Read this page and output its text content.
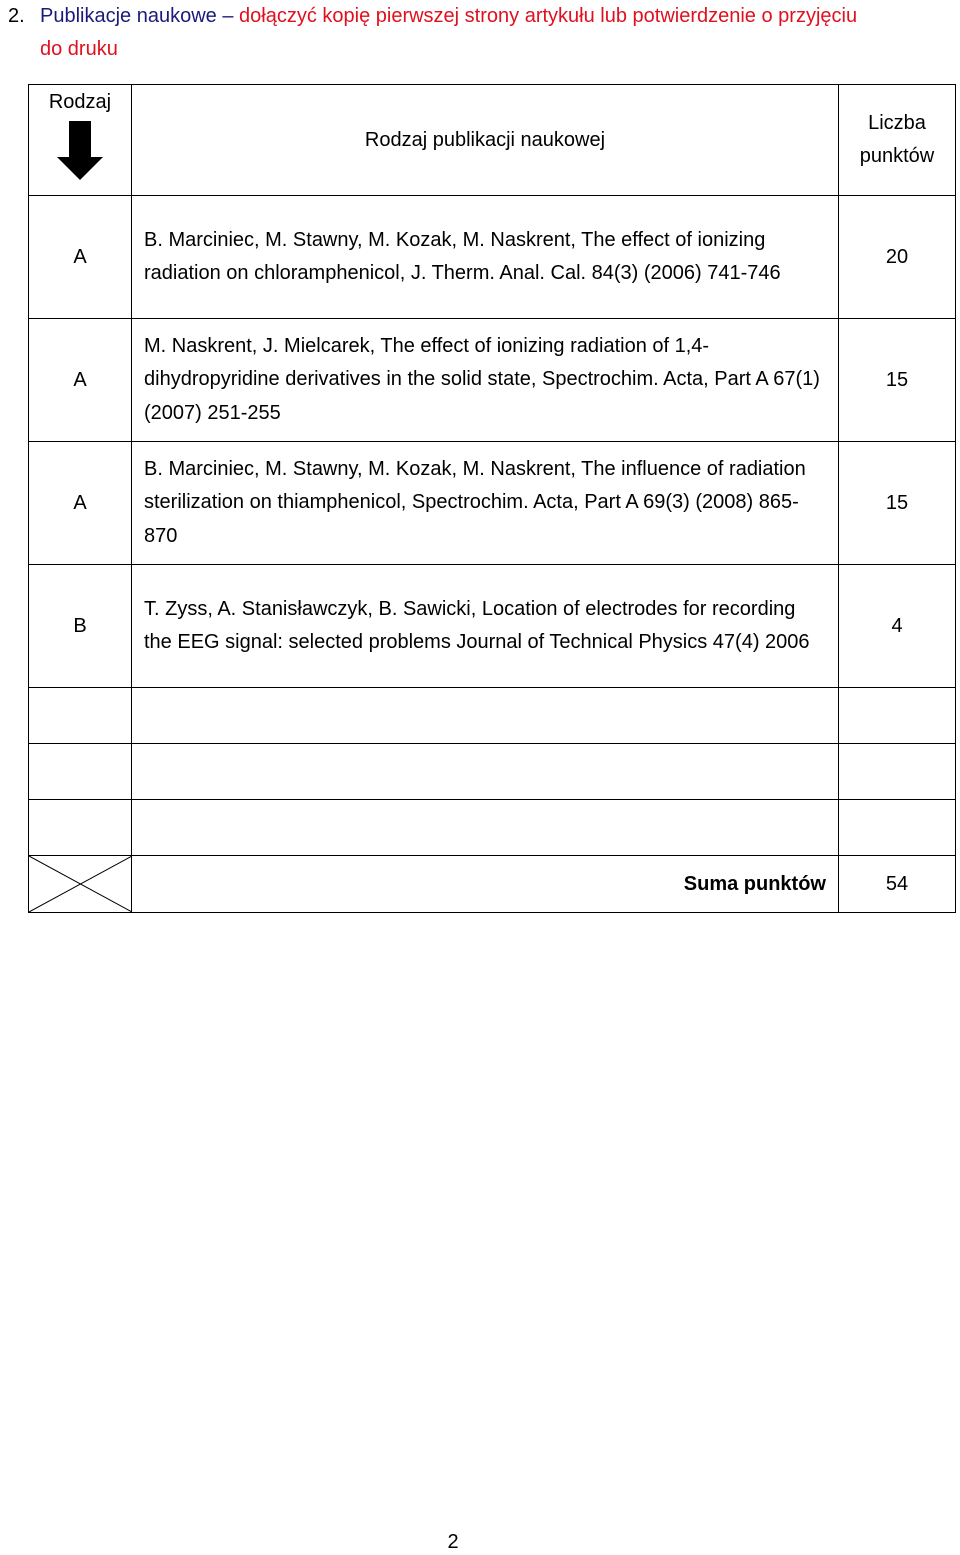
2. Publikacje naukowe – dołączyć kopię pierwszej strony artykułu lub potwierdzenie o przyjęciu
do druku
Rodzaj	Rodzaj publikacji naukowej	Liczba
punktów
A	B. Marciniec, M. Stawny, M. Kozak, M. Naskrent, The effect of ionizing radiation on chloramphenicol, J. Therm. Anal. Cal. 84(3) (2006) 741-746	20
A	M. Naskrent, J. Mielcarek, The effect of ionizing radiation of 1,4-dihydropyridine derivatives in the solid state, Spectrochim. Acta, Part A 67(1) (2007) 251-255	15
A	B. Marciniec, M. Stawny, M. Kozak, M. Naskrent, The influence of radiation sterilization on thiamphenicol, Spectrochim. Acta, Part A 69(3) (2008) 865-870	15
B	T. Zyss, A. Stanisławczyk, B. Sawicki, Location of electrodes for recording the EEG signal: selected problems Journal of Technical Physics 47(4) 2006	4

	Suma punktów	54
2
